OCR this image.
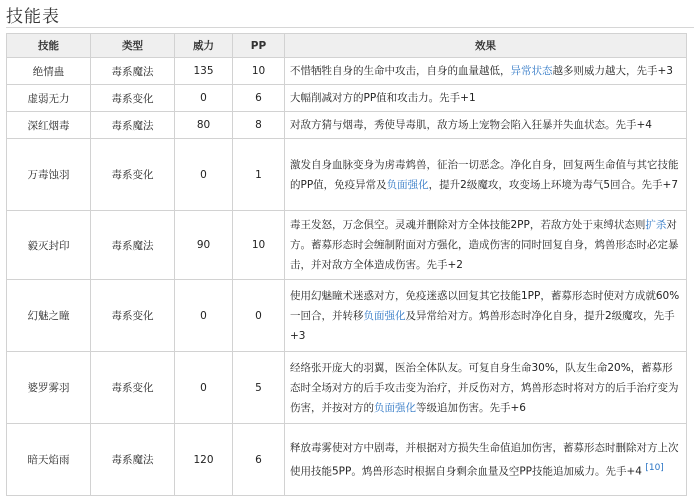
技能表
技能	类型	威力	PP	效果
绝情蛊	毒系魔法	135	10	不惜牺牲自身的生命中攻击，自身的血量越低，异常状态越多则威力越大，先手+3
虚弱无力	毒系变化	0	6	大幅削减对方的PP值和攻击力。先手+1
深红烟毒	毒系魔法	80	8	对敌方猜与烟毒，秀使导毒肌，敌方场上宠物会陷入狂暴并失血状态。先手+4
万毒蚀羽	毒系变化	0	1	激发自身血脉变身为虏毒鸩兽，征治一切恶念。净化自身，回复两生命值与其它技能的PP值，免疫异常及负面强化，提升2级魔攻，攻变场上环境为毒气5回合。先手+7
毅灭封印	毒系魔法	90	10	毒王发怒，万念俱空。灵魂并删除对方全体技能2PP，若敌方处于束缚状态则扩杀对方。蓄募形态时会缠制附面对方强化，造成伤害的同时回复自身，鸩兽形态时必定暴击，并对敌方全体造成伤害。先手+2
幻魅之瞳	毒系变化	0	0	使用幻魅瞳术迷惑对方，免疫迷惑以回复其它技能1PP，蓄募形态时使对方成就60%一回合，并转移负面强化及异常给对方。鸩兽形态时净化自身，提升2级魔攻，先手+3
婆罗雾羽	毒系变化	0	5	经络张开庞大的羽翼，医治全体队友。可复自身生命30%，队友生命20%，蓄募形态时全场对方的后手攻击变为治疗，并反伤对方，鸩兽形态时将对方的后手治疗变为伤害，并按对方的负面强化等级追加伤害。先手+6
暗天焰雨	毒系魔法	120	6	释放毒雾使对方中剧毒，并根据对方损失生命值追加伤害，蓄募形态时删除对方上次使用技能5PP。鸩兽形态时根据自身剩余血量及空PP技能追加威力。先手+4 [10]
